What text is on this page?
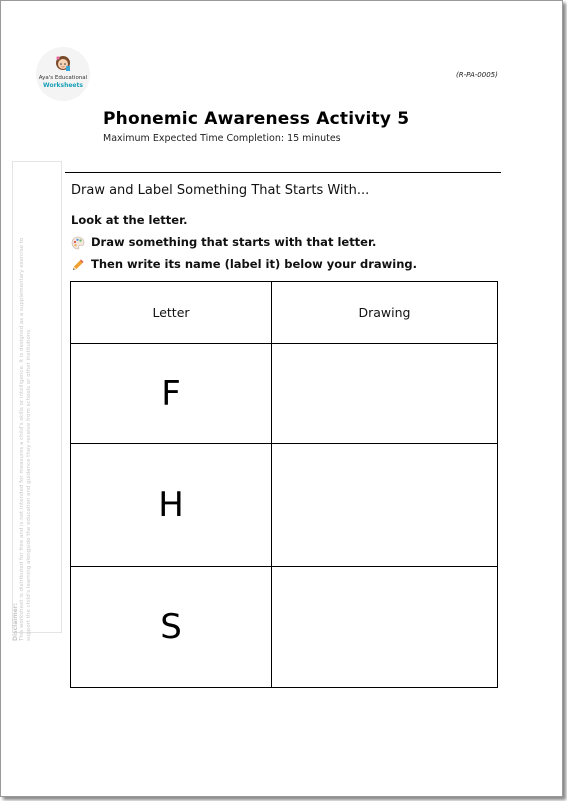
Aya's Educational
Worksheets
(R-PA-0005)
Phonemic Awareness Activity 5
Maximum Expected Time Completion: 15 minutes
Disclaimer: This worksheet is distributed for free and is not intended for measures a child's skills or intelligence. It is designed as a supplementary exercise to
support the child's learning alongside the education and guidance they receive from schools or other institutions.
Draw and Label Something That Starts With...
Look at the letter.
Draw something that starts with that letter.
Then write its name (label it) below your drawing.
Letter	Drawing
F
H
S
